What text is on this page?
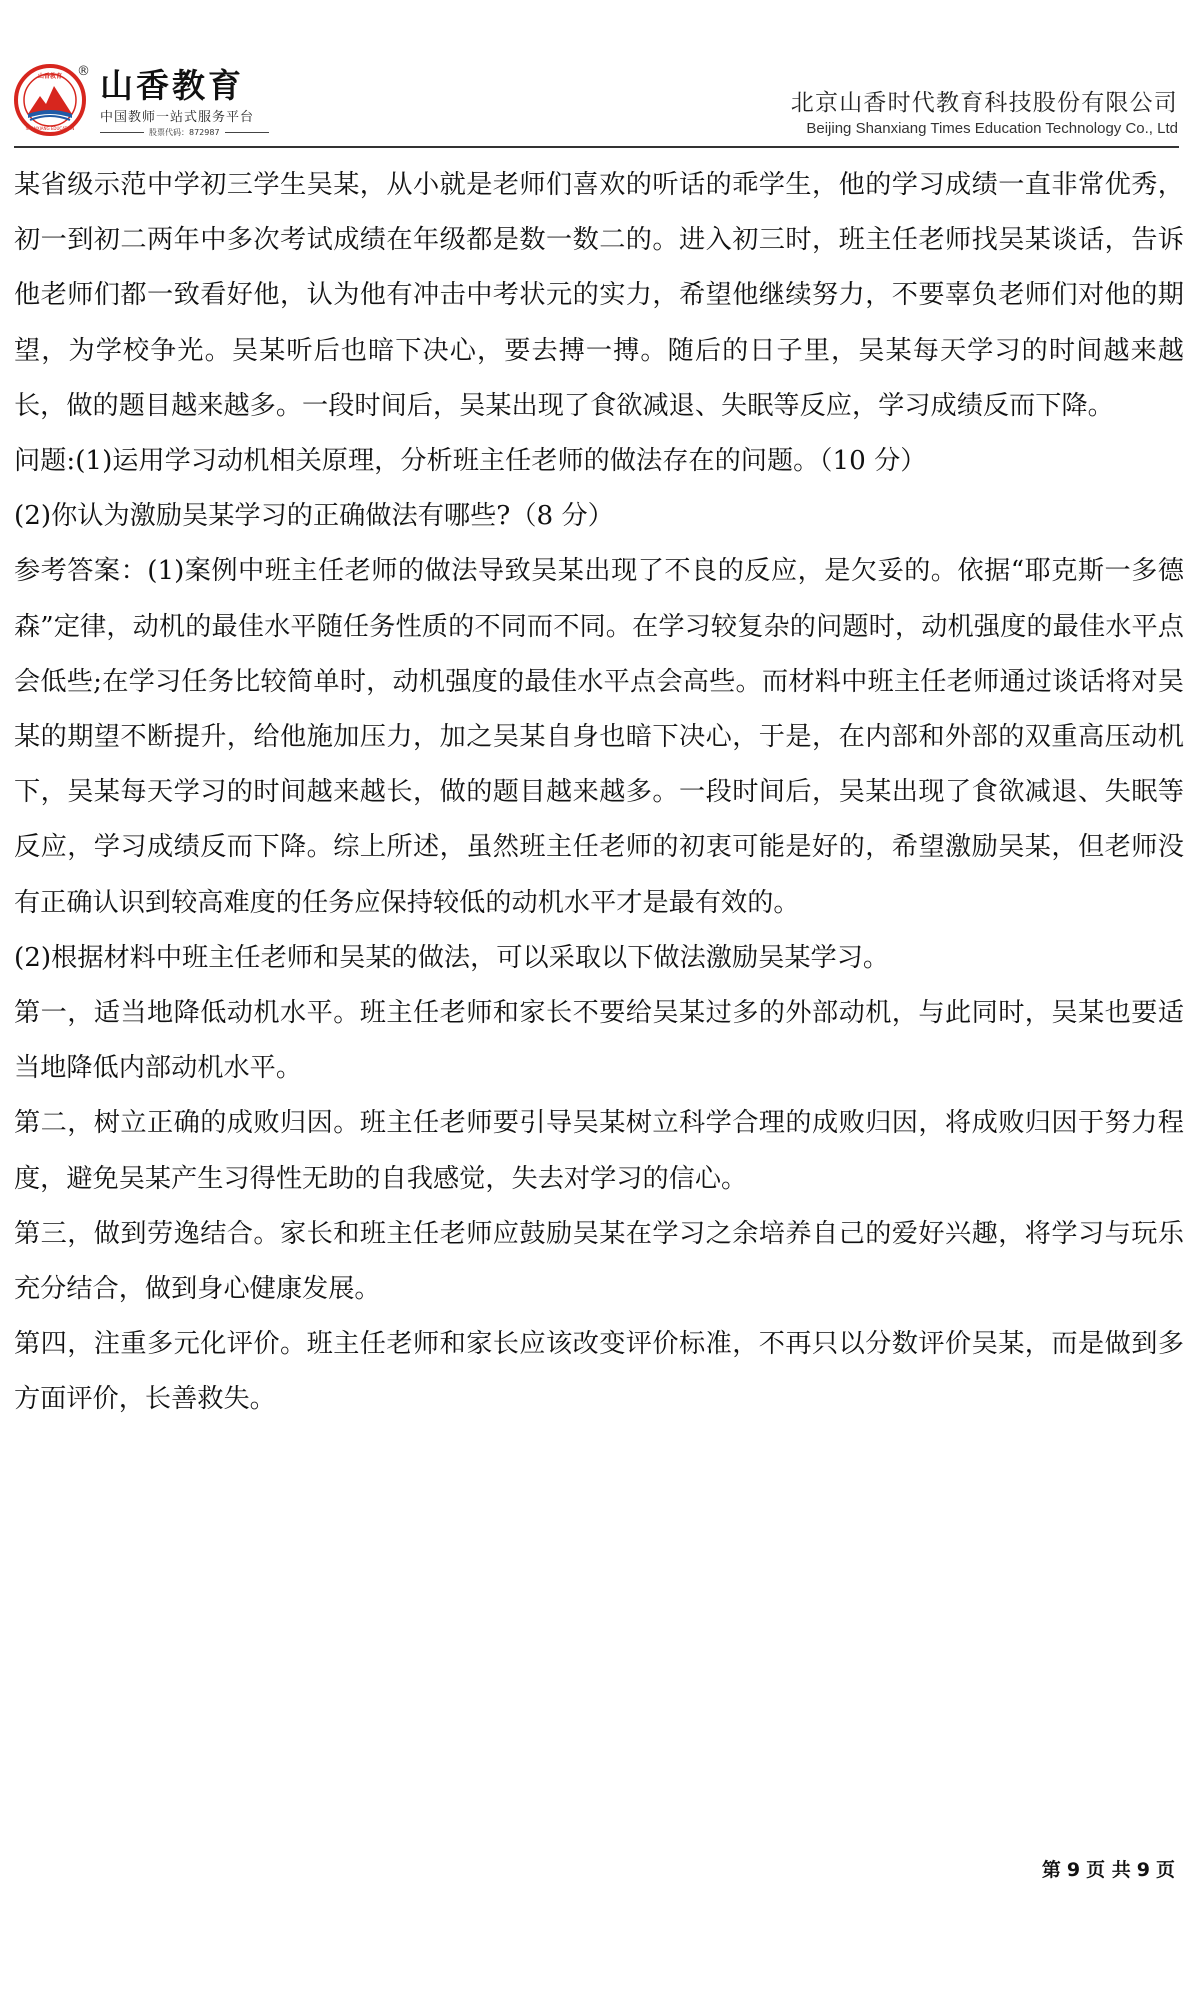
山香教育
SHANXIANG EDUCATION
山香教育
®
中国教师一站式服务平台
股票代码：872987
北京山香时代教育科技股份有限公司
Beijing Shanxiang Times Education Technology Co., Ltd

某省级示范中学初三学生吴某，从小就是老师们喜欢的听话的乖学生，他的学习成绩一直非常优秀，初一到初二两年中多次考试成绩在年级都是数一数二的。进入初三时，班主任老师找吴某谈话，告诉他老师们都一致看好他，认为他有冲击中考状元的实力，希望他继续努力，不要辜负老师们对他的期望，为学校争光。吴某听后也暗下决心，要去搏一搏。随后的日子里，吴某每天学习的时间越来越长，做的题目越来越多。一段时间后，吴某出现了食欲减退、失眠等反应，学习成绩反而下降。

问题:(1)运用学习动机相关原理，分析班主任老师的做法存在的问题。（10 分）

(2)你认为激励吴某学习的正确做法有哪些?（8 分）

参考答案：(1)案例中班主任老师的做法导致吴某出现了不良的反应，是欠妥的。依据“耶克斯一多德森”定律，动机的最佳水平随任务性质的不同而不同。在学习较复杂的问题时，动机强度的最佳水平点会低些;在学习任务比较简单时，动机强度的最佳水平点会高些。而材料中班主任老师通过谈话将对吴某的期望不断提升，给他施加压力，加之吴某自身也暗下决心，于是，在内部和外部的双重高压动机下，吴某每天学习的时间越来越长，做的题目越来越多。一段时间后，吴某出现了食欲减退、失眠等反应，学习成绩反而下降。综上所述，虽然班主任老师的初衷可能是好的，希望激励吴某，但老师没有正确认识到较高难度的任务应保持较低的动机水平才是最有效的。

(2)根据材料中班主任老师和吴某的做法，可以采取以下做法激励吴某学习。

第一，适当地降低动机水平。班主任老师和家长不要给吴某过多的外部动机，与此同时，吴某也要适当地降低内部动机水平。

第二，树立正确的成败归因。班主任老师要引导吴某树立科学合理的成败归因，将成败归因于努力程度，避免吴某产生习得性无助的自我感觉，失去对学习的信心。

第三，做到劳逸结合。家长和班主任老师应鼓励吴某在学习之余培养自己的爱好兴趣，将学习与玩乐充分结合，做到身心健康发展。

第四，注重多元化评价。班主任老师和家长应该改变评价标准，不再只以分数评价吴某，而是做到多方面评价，长善救失。

第 9 页 共 9 页
